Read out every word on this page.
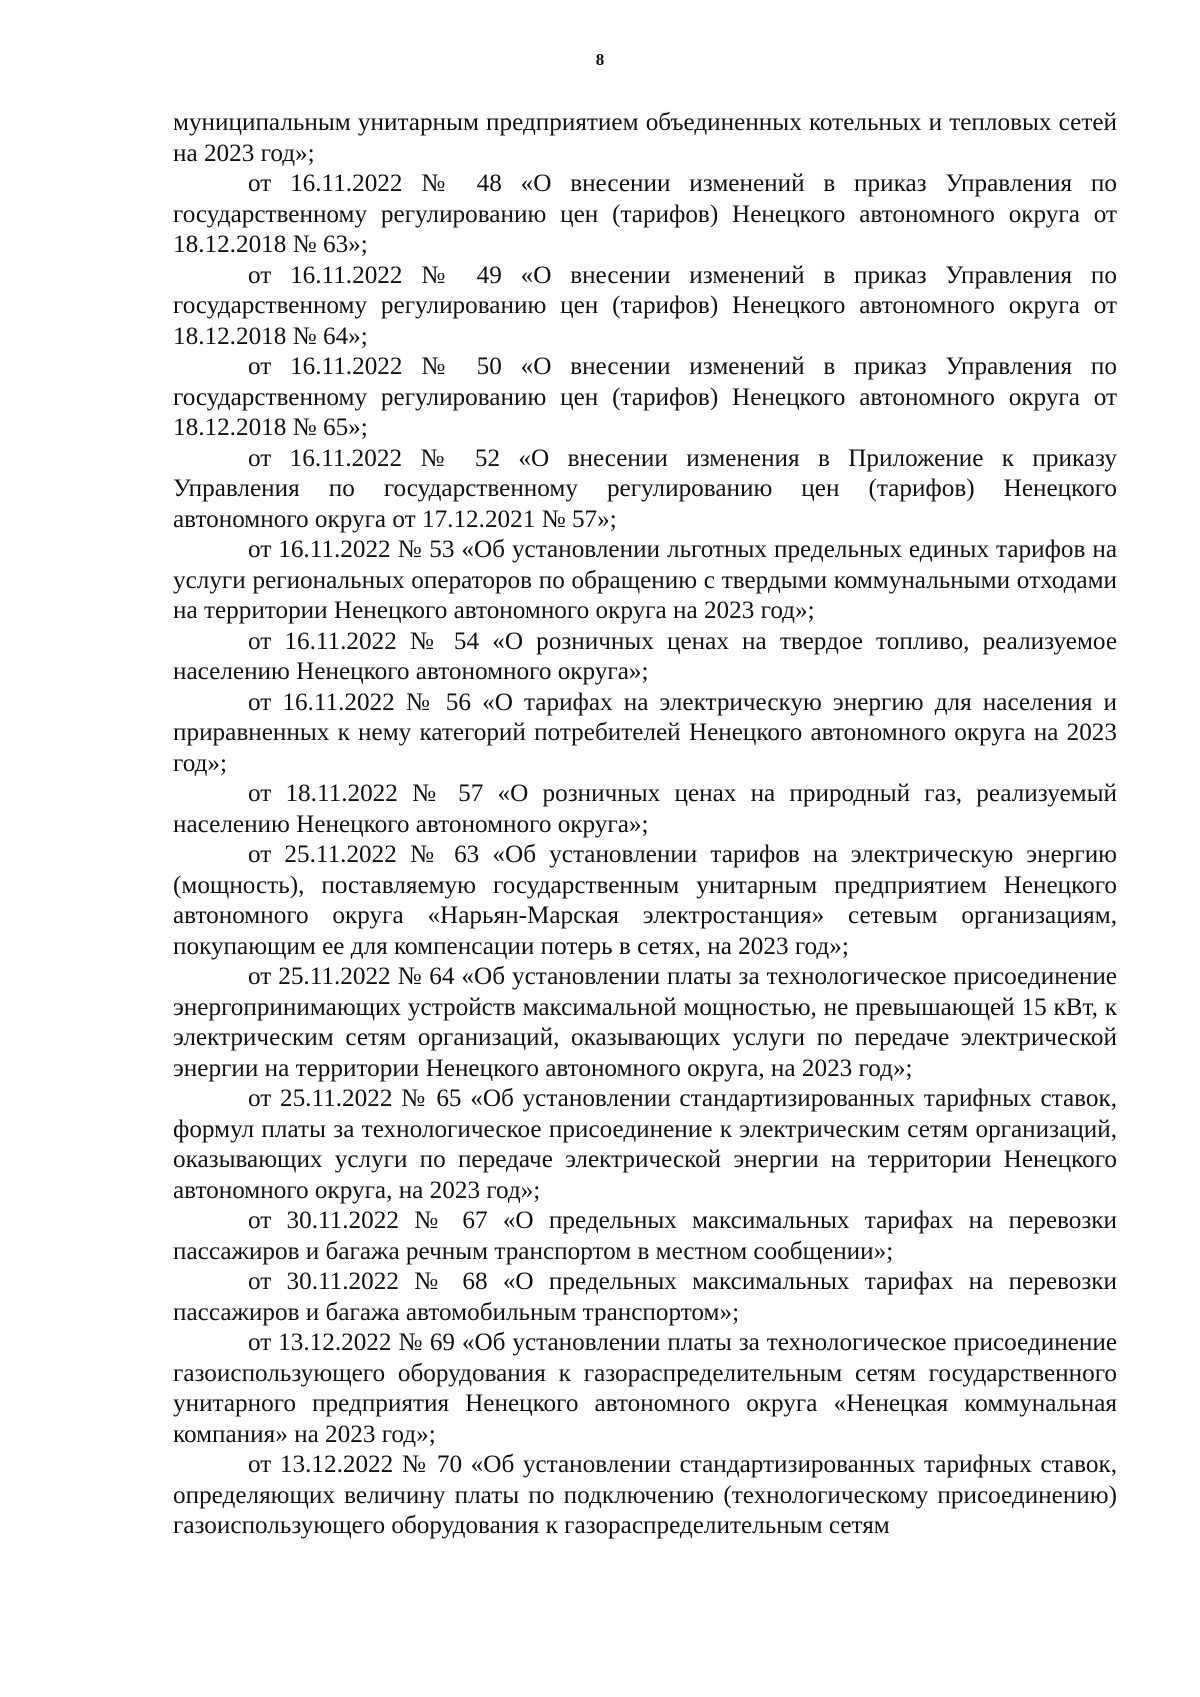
8

муниципальным унитарным предприятием объединенных котельных и тепловых сетей на 2023 год»;

от 16.11.2022 № 48 «О внесении изменений в приказ Управления по государственному регулированию цен (тарифов) Ненецкого автономного округа от 18.12.2018 № 63»;

от 16.11.2022 № 49 «О внесении изменений в приказ Управления по государственному регулированию цен (тарифов) Ненецкого автономного округа от 18.12.2018 № 64»;

от 16.11.2022 № 50 «О внесении изменений в приказ Управления по государственному регулированию цен (тарифов) Ненецкого автономного округа от 18.12.2018 № 65»;

от 16.11.2022 № 52 «О внесении изменения в Приложение к приказу Управления по государственному регулированию цен (тарифов) Ненецкого автономного округа от 17.12.2021 № 57»;

от 16.11.2022 № 53 «Об установлении льготных предельных единых тарифов на услуги региональных операторов по обращению с твердыми коммунальными отходами на территории Ненецкого автономного округа на 2023 год»;

от 16.11.2022 № 54 «О розничных ценах на твердое топливо, реализуемое населению Ненецкого автономного округа»;

от 16.11.2022 № 56 «О тарифах на электрическую энергию для населения и приравненных к нему категорий потребителей Ненецкого автономного округа на 2023 год»;

от 18.11.2022 № 57 «О розничных ценах на природный газ, реализуемый населению Ненецкого автономного округа»;

от 25.11.2022 № 63 «Об установлении тарифов на электрическую энергию (мощность), поставляемую государственным унитарным предприятием Ненецкого автономного округа «Нарьян-Марская электростанция» сетевым организациям, покупающим ее для компенсации потерь в сетях, на 2023 год»;

от 25.11.2022 № 64 «Об установлении платы за технологическое присоединение энергопринимающих устройств максимальной мощностью, не превышающей 15 кВт, к электрическим сетям организаций, оказывающих услуги по передаче электрической энергии на территории Ненецкого автономного округа, на 2023 год»;

от 25.11.2022 № 65 «Об установлении стандартизированных тарифных ставок, формул платы за технологическое присоединение к электрическим сетям организаций, оказывающих услуги по передаче электрической энергии на территории Ненецкого автономного округа, на 2023 год»;

от 30.11.2022 № 67 «О предельных максимальных тарифах на перевозки пассажиров и багажа речным транспортом в местном сообщении»;

от 30.11.2022 № 68 «О предельных максимальных тарифах на перевозки пассажиров и багажа автомобильным транспортом»;

от 13.12.2022 № 69 «Об установлении платы за технологическое присоединение газоиспользующего оборудования к газораспределительным сетям государственного унитарного предприятия Ненецкого автономного округа «Ненецкая коммунальная компания» на 2023 год»;

от 13.12.2022 № 70 «Об установлении стандартизированных тарифных ставок, определяющих величину платы по подключению (технологическому присоединению) газоиспользующего оборудования к газораспределительным сетям
